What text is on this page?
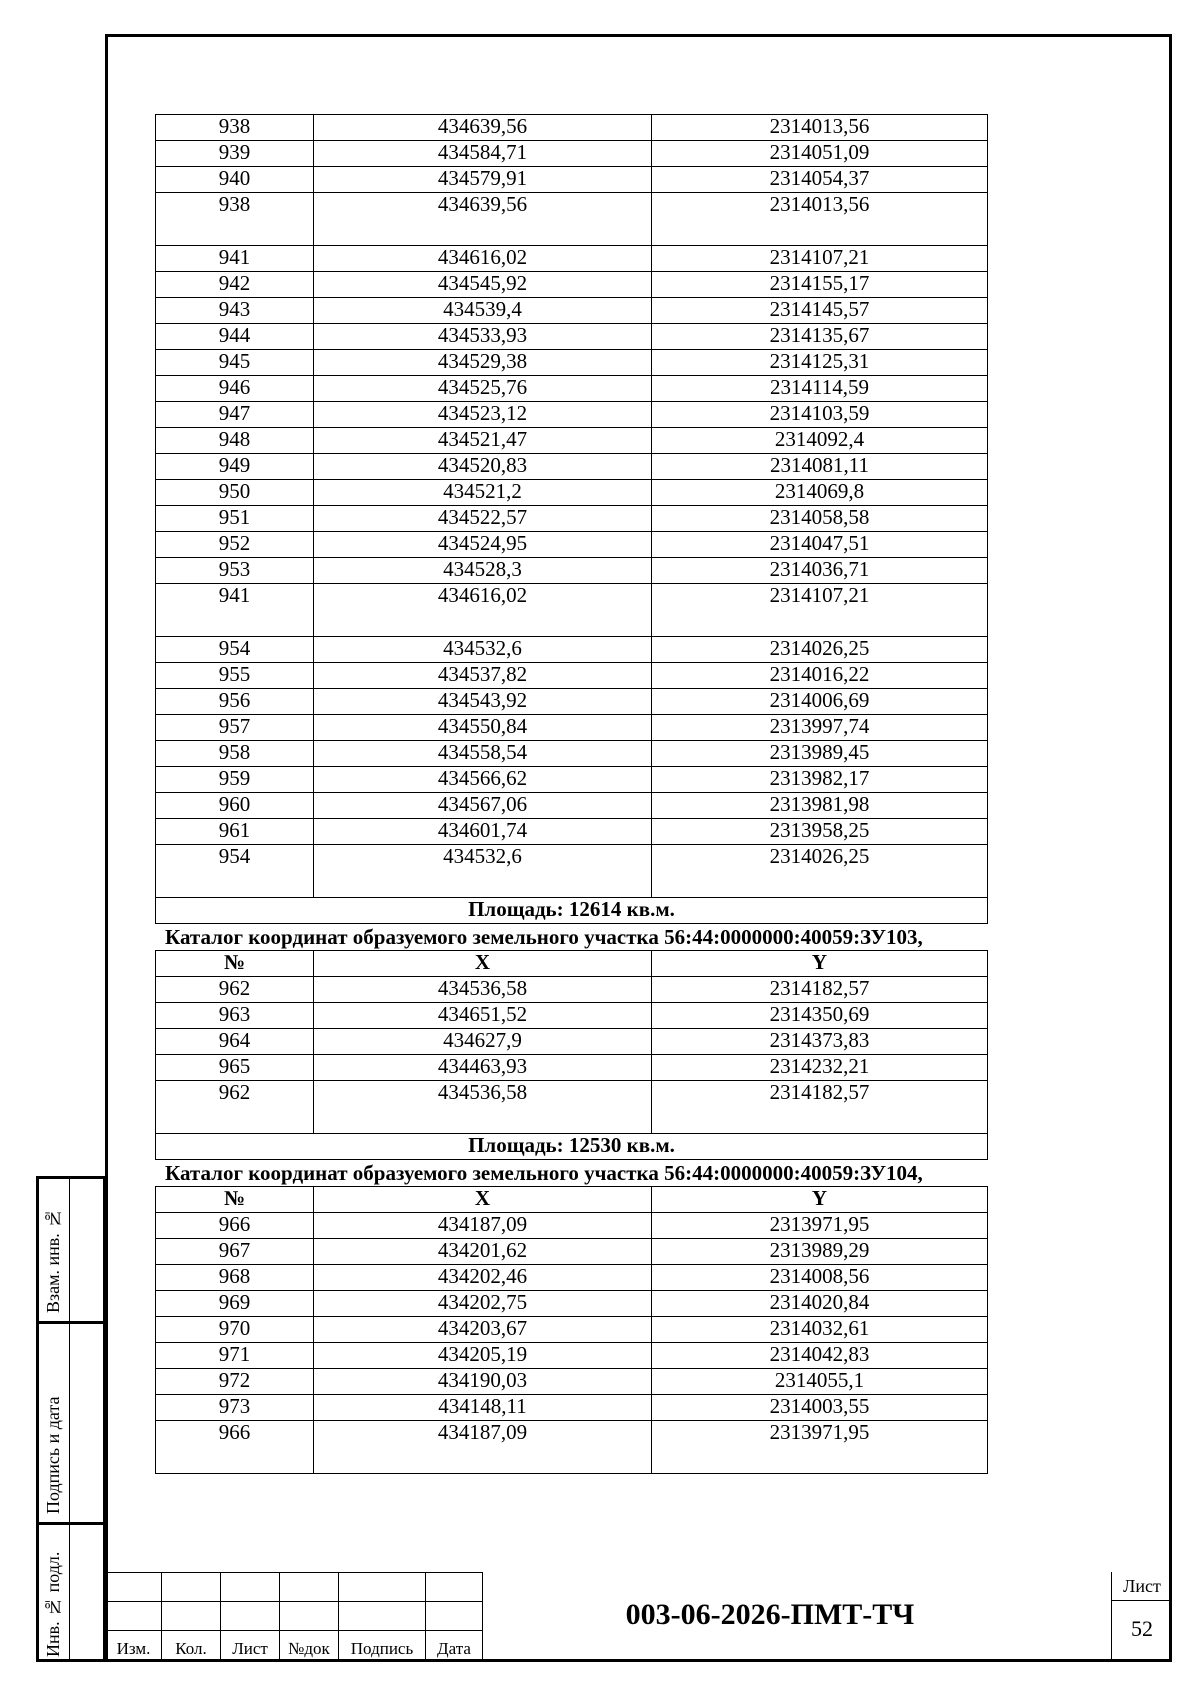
938	434639,56	2314013,56
939	434584,71	2314051,09
940	434579,91	2314054,37
938	434639,56	2314013,56
941	434616,02	2314107,21
942	434545,92	2314155,17
943	434539,4	2314145,57
944	434533,93	2314135,67
945	434529,38	2314125,31
946	434525,76	2314114,59
947	434523,12	2314103,59
948	434521,47	2314092,4
949	434520,83	2314081,11
950	434521,2	2314069,8
951	434522,57	2314058,58
952	434524,95	2314047,51
953	434528,3	2314036,71
941	434616,02	2314107,21
954	434532,6	2314026,25
955	434537,82	2314016,22
956	434543,92	2314006,69
957	434550,84	2313997,74
958	434558,54	2313989,45
959	434566,62	2313982,17
960	434567,06	2313981,98
961	434601,74	2313958,25
954	434532,6	2314026,25
Площадь: 12614 кв.м.		
Каталог координат образуемого земельного участка 56:44:0000000:40059:ЗУ103,
№	X	Y
962	434536,58	2314182,57
963	434651,52	2314350,69
964	434627,9	2314373,83
965	434463,93	2314232,21
962	434536,58	2314182,57
Площадь: 12530 кв.м.		
Каталог координат образуемого земельного участка 56:44:0000000:40059:ЗУ104,
№	X	Y
966	434187,09	2313971,95
967	434201,62	2313989,29
968	434202,46	2314008,56
969	434202,75	2314020,84
970	434203,67	2314032,61
971	434205,19	2314042,83
972	434190,03	2314055,1
973	434148,11	2314003,55
966	434187,09	2313971,95
Взам. инв. №
Подпись и дата
Инв. № подл.

						Изм.	Кол.	Лист	№док	Подпись	Дата
003-06-2026-ПМТ-ТЧ
Лист
52
